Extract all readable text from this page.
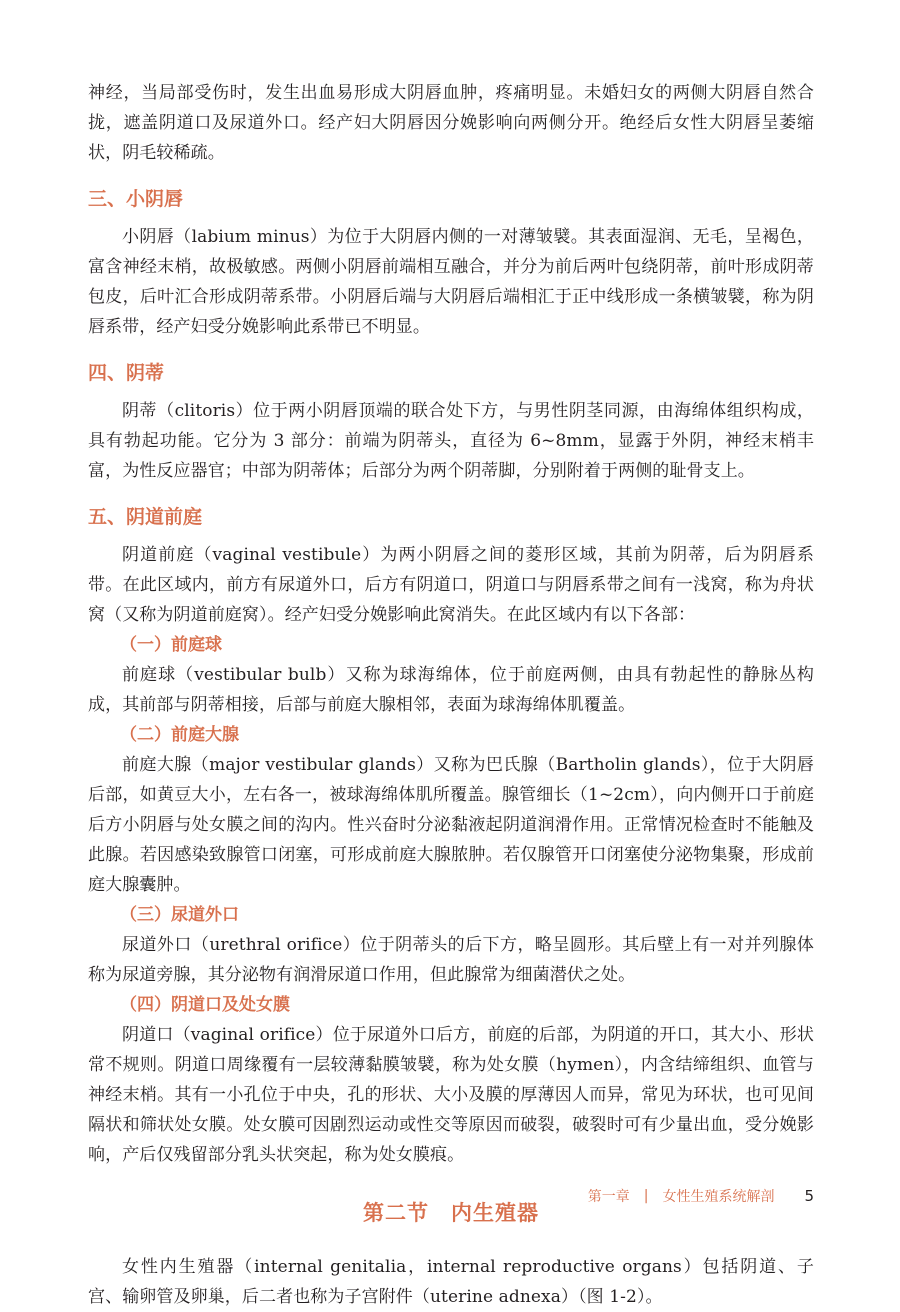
神经，当局部受伤时，发生出血易形成大阴唇血肿，疼痛明显。未婚妇女的两侧大阴唇自然合拢，遮盖阴道口及尿道外口。经产妇大阴唇因分娩影响向两侧分开。绝经后女性大阴唇呈萎缩状，阴毛较稀疏。

三、小阴唇

小阴唇（labium minus）为位于大阴唇内侧的一对薄皱襞。其表面湿润、无毛，呈褐色，富含神经末梢，故极敏感。两侧小阴唇前端相互融合，并分为前后两叶包绕阴蒂，前叶形成阴蒂包皮，后叶汇合形成阴蒂系带。小阴唇后端与大阴唇后端相汇于正中线形成一条横皱襞，称为阴唇系带，经产妇受分娩影响此系带已不明显。

四、阴蒂

阴蒂（clitoris）位于两小阴唇顶端的联合处下方，与男性阴茎同源，由海绵体组织构成，具有勃起功能。它分为 3 部分：前端为阴蒂头，直径为 6~8mm，显露于外阴，神经末梢丰富，为性反应器官；中部为阴蒂体；后部分为两个阴蒂脚，分别附着于两侧的耻骨支上。

五、阴道前庭

阴道前庭（vaginal vestibule）为两小阴唇之间的菱形区域，其前为阴蒂，后为阴唇系带。在此区域内，前方有尿道外口，后方有阴道口，阴道口与阴唇系带之间有一浅窝，称为舟状窝（又称为阴道前庭窝）。经产妇受分娩影响此窝消失。在此区域内有以下各部：

（一）前庭球

前庭球（vestibular bulb）又称为球海绵体，位于前庭两侧，由具有勃起性的静脉丛构成，其前部与阴蒂相接，后部与前庭大腺相邻，表面为球海绵体肌覆盖。

（二）前庭大腺

前庭大腺（major vestibular glands）又称为巴氏腺（Bartholin glands），位于大阴唇后部，如黄豆大小，左右各一，被球海绵体肌所覆盖。腺管细长（1~2cm），向内侧开口于前庭后方小阴唇与处女膜之间的沟内。性兴奋时分泌黏液起阴道润滑作用。正常情况检查时不能触及此腺。若因感染致腺管口闭塞，可形成前庭大腺脓肿。若仅腺管开口闭塞使分泌物集聚，形成前庭大腺囊肿。

（三）尿道外口

尿道外口（urethral orifice）位于阴蒂头的后下方，略呈圆形。其后壁上有一对并列腺体称为尿道旁腺，其分泌物有润滑尿道口作用，但此腺常为细菌潜伏之处。

（四）阴道口及处女膜

阴道口（vaginal orifice）位于尿道外口后方，前庭的后部，为阴道的开口，其大小、形状常不规则。阴道口周缘覆有一层较薄黏膜皱襞，称为处女膜（hymen），内含结缔组织、血管与神经末梢。其有一小孔位于中央，孔的形状、大小及膜的厚薄因人而异，常见为环状，也可见间隔状和筛状处女膜。处女膜可因剧烈运动或性交等原因而破裂，破裂时可有少量出血，受分娩影响，产后仅残留部分乳头状突起，称为处女膜痕。

第二节　内生殖器

女性内生殖器（internal genitalia，internal reproductive organs）包括阴道、子宫、输卵管及卵巢，后二者也称为子宫附件（uterine adnexa）（图 1-2）。

第一章 | 女性生殖系统解剖 5
